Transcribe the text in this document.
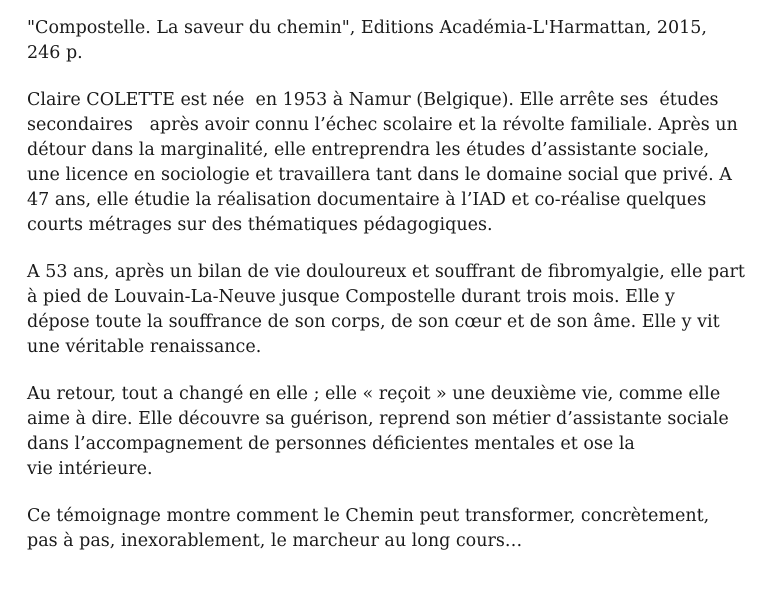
"Compostelle. La saveur du chemin", Editions Académia-L'Harmattan, 2015,
246 p.

Claire COLETTE est née  en 1953 à Namur (Belgique). Elle arrête ses  études
secondaires   après avoir connu l’échec scolaire et la révolte familiale. Après un
détour dans la marginalité, elle entreprendra les études d’assistante sociale,
une licence en sociologie et travaillera tant dans le domaine social que privé. A
47 ans, elle étudie la réalisation documentaire à l’IAD et co-réalise quelques
courts métrages sur des thématiques pédagogiques.

A 53 ans, après un bilan de vie douloureux et souffrant de fibromyalgie, elle part
à pied de Louvain-La-Neuve jusque Compostelle durant trois mois. Elle y
dépose toute la souffrance de son corps, de son cœur et de son âme. Elle y vit
une véritable renaissance.

Au retour, tout a changé en elle ; elle « reçoit » une deuxième vie, comme elle
aime à dire. Elle découvre sa guérison, reprend son métier d’assistante sociale
dans l’accompagnement de personnes déficientes mentales et ose la
vie intérieure.

Ce témoignage montre comment le Chemin peut transformer, concrètement,
pas à pas, inexorablement, le marcheur au long cours…
